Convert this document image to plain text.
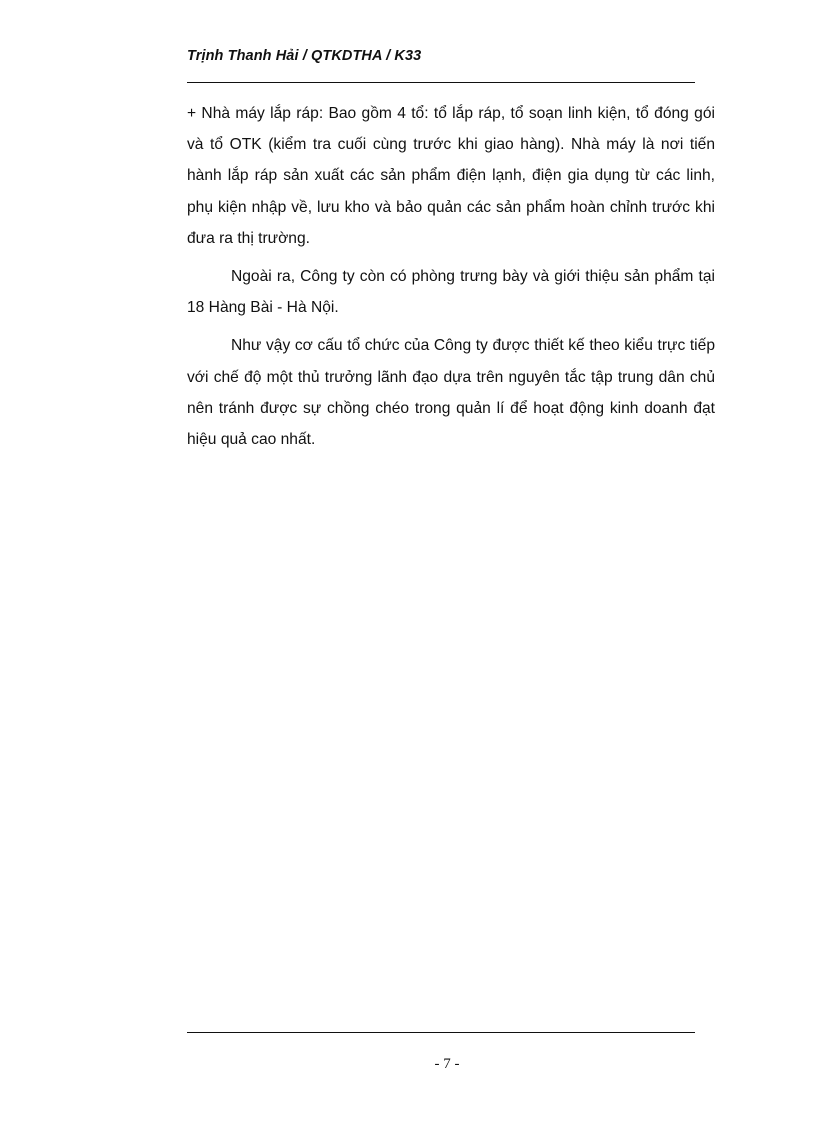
Trịnh Thanh Hải / QTKDTHA / K33

+ Nhà máy lắp ráp: Bao gồm 4 tổ: tổ lắp ráp, tổ soạn linh kiện, tổ đóng gói và tổ OTK (kiểm tra cuối cùng trước khi giao hàng). Nhà máy là nơi tiến hành lắp ráp sản xuất các sản phẩm điện lạnh, điện gia dụng từ các linh, phụ kiện nhập về, lưu kho và bảo quản các sản phẩm hoàn chỉnh trước khi đưa ra thị trường.

Ngoài ra, Công ty còn có phòng trưng bày và giới thiệu sản phẩm tại 18 Hàng Bài - Hà Nội.

Như vậy cơ cấu tổ chức của Công ty được thiết kế theo kiểu trực tiếp với chế độ một thủ trưởng lãnh đạo dựa trên nguyên tắc tập trung dân chủ nên tránh được sự chồng chéo trong quản lí để hoạt động kinh doanh đạt hiệu quả cao nhất.

- 7 -
